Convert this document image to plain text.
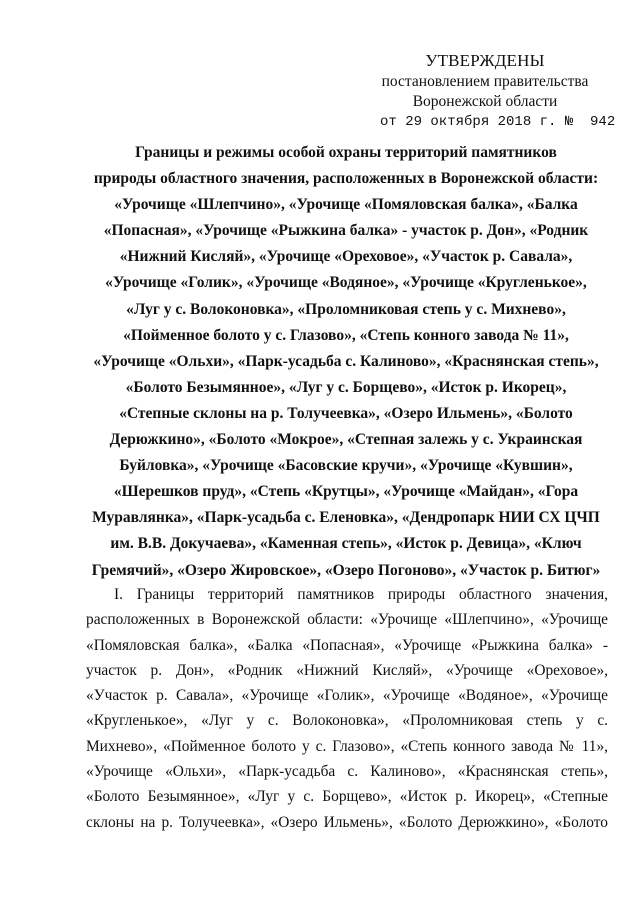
УТВЕРЖДЕНЫ
постановлением правительства
Воронежской области
от 29 октября 2018 г. №  942
Границы и режимы особой охраны территорий памятников
природы областного значения, расположенных в Воронежской области:
«Урочище «Шлепчино», «Урочище «Помяловская балка», «Балка
«Попасная», «Урочище «Рыжкина балка» - участок р. Дон», «Родник
«Нижний Кисляй», «Урочище «Ореховое», «Участок р. Савала»,
«Урочище «Голик», «Урочище «Водяное», «Урочище «Кругленькое»,
«Луг у с. Волоконовка», «Проломниковая степь у с. Михнево»,
«Пойменное болото у с. Глазово», «Степь конного завода № 11»,
«Урочище «Ольхи», «Парк-усадьба с. Калиново», «Краснянская степь»,
«Болото Безымянное», «Луг у с. Борщево», «Исток р. Икорец»,
«Степные склоны на р. Толучеевка», «Озеро Ильмень», «Болото
Дерюжкино», «Болото «Мокрое», «Степная залежь у с. Украинская
Буйловка», «Урочище «Басовские кручи», «Урочище «Кувшин»,
«Шерешков пруд», «Степь «Крутцы», «Урочище «Майдан», «Гора
Муравлянка», «Парк-усадьба с. Еленовка», «Дендропарк НИИ СХ ЦЧП
им. В.В. Докучаева», «Каменная степь», «Исток р. Девица», «Ключ
Гремячий», «Озеро Жировское», «Озеро Погоново», «Участок р. Битюг»
I. Границы территорий памятников природы областного значения,
расположенных в Воронежской области: «Урочище «Шлепчино», «Урочище
«Помяловская балка», «Балка «Попасная», «Урочище «Рыжкина балка» -
участок р. Дон», «Родник «Нижний Кисляй», «Урочище «Ореховое»,
«Участок р. Савала», «Урочище «Голик», «Урочище «Водяное», «Урочище
«Кругленькое», «Луг у с. Волоконовка», «Проломниковая степь у с.
Михнево», «Пойменное болото у с. Глазово», «Степь конного завода № 11»,
«Урочище «Ольхи», «Парк-усадьба с. Калиново», «Краснянская степь»,
«Болото Безымянное», «Луг у с. Борщево», «Исток р. Икорец», «Степные
склоны на р. Толучеевка», «Озеро Ильмень», «Болото Дерюжкино», «Болото
